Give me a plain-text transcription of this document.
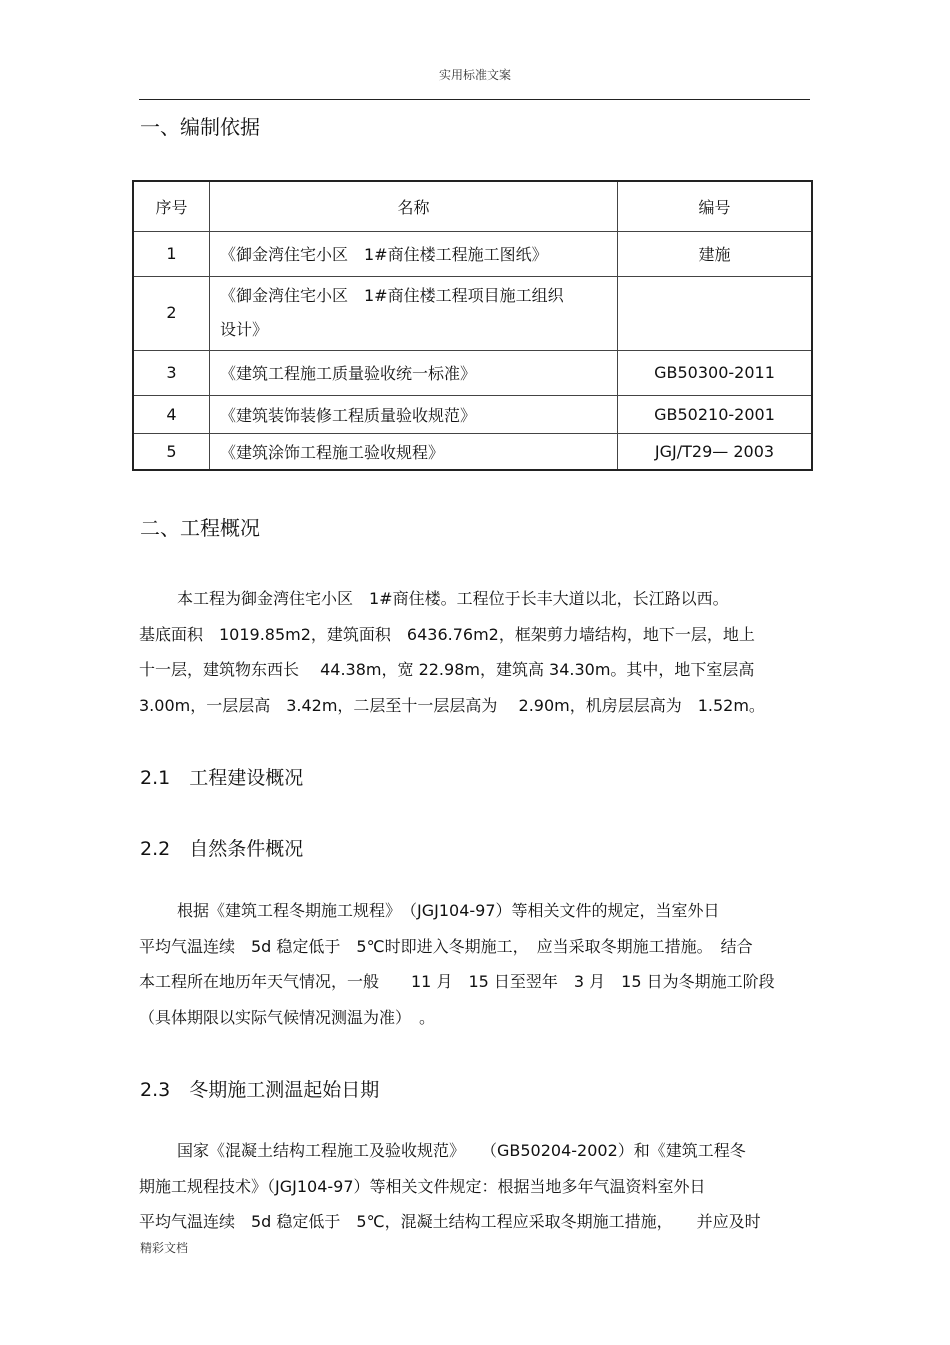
实用标准文案
一、编制依据
序号	名称	编号
1	《御金湾住宅小区　1#商住楼工程施工图纸》	建施
2	《御金湾住宅小区　1#商住楼工程项目施工组织
设计》	

3	《建筑工程施工质量验收统一标准》	GB50300-2011
4	《建筑装饰装修工程质量验收规范》	GB50210-2001
5	《建筑涂饰工程施工验收规程》	JGJ/T29— 2003
二、工程概况
本工程为御金湾住宅小区　1#商住楼。工程位于长丰大道以北，长江路以西。
基底面积　1019.85m2，建筑面积　6436.76m2，框架剪力墙结构，地下一层，地上
十一层，建筑物东西长　 44.38m，宽 22.98m，建筑高 34.30m。其中，地下室层高
3.00m，一层层高　3.42m，二层至十一层层高为　 2.90m，机房层层高为　1.52m。
2.1　工程建设概况
2.2　自然条件概况
根据《建筑工程冬期施工规程》　（JGJ104-97）等相关文件的规定，当室外日
平均气温连续　5d 稳定低于　5℃时即进入冬期施工，　应当采取冬期施工措施。　结合
本工程所在地历年天气情况，一般　　11 月　15 日至翌年　3 月　15 日为冬期施工阶段
（具体期限以实际气候情况测温为准）　。
2.3　冬期施工测温起始日期
国家《混凝土结构工程施工及验收规范》　　（GB50204-2002）和《建筑工程冬
期施工规程技术》（JGJ104-97）等相关文件规定：根据当地多年气温资料室外日
平均气温连续　5d 稳定低于　5℃，混凝土结构工程应采取冬期施工措施，　　并应及时
精彩文档
